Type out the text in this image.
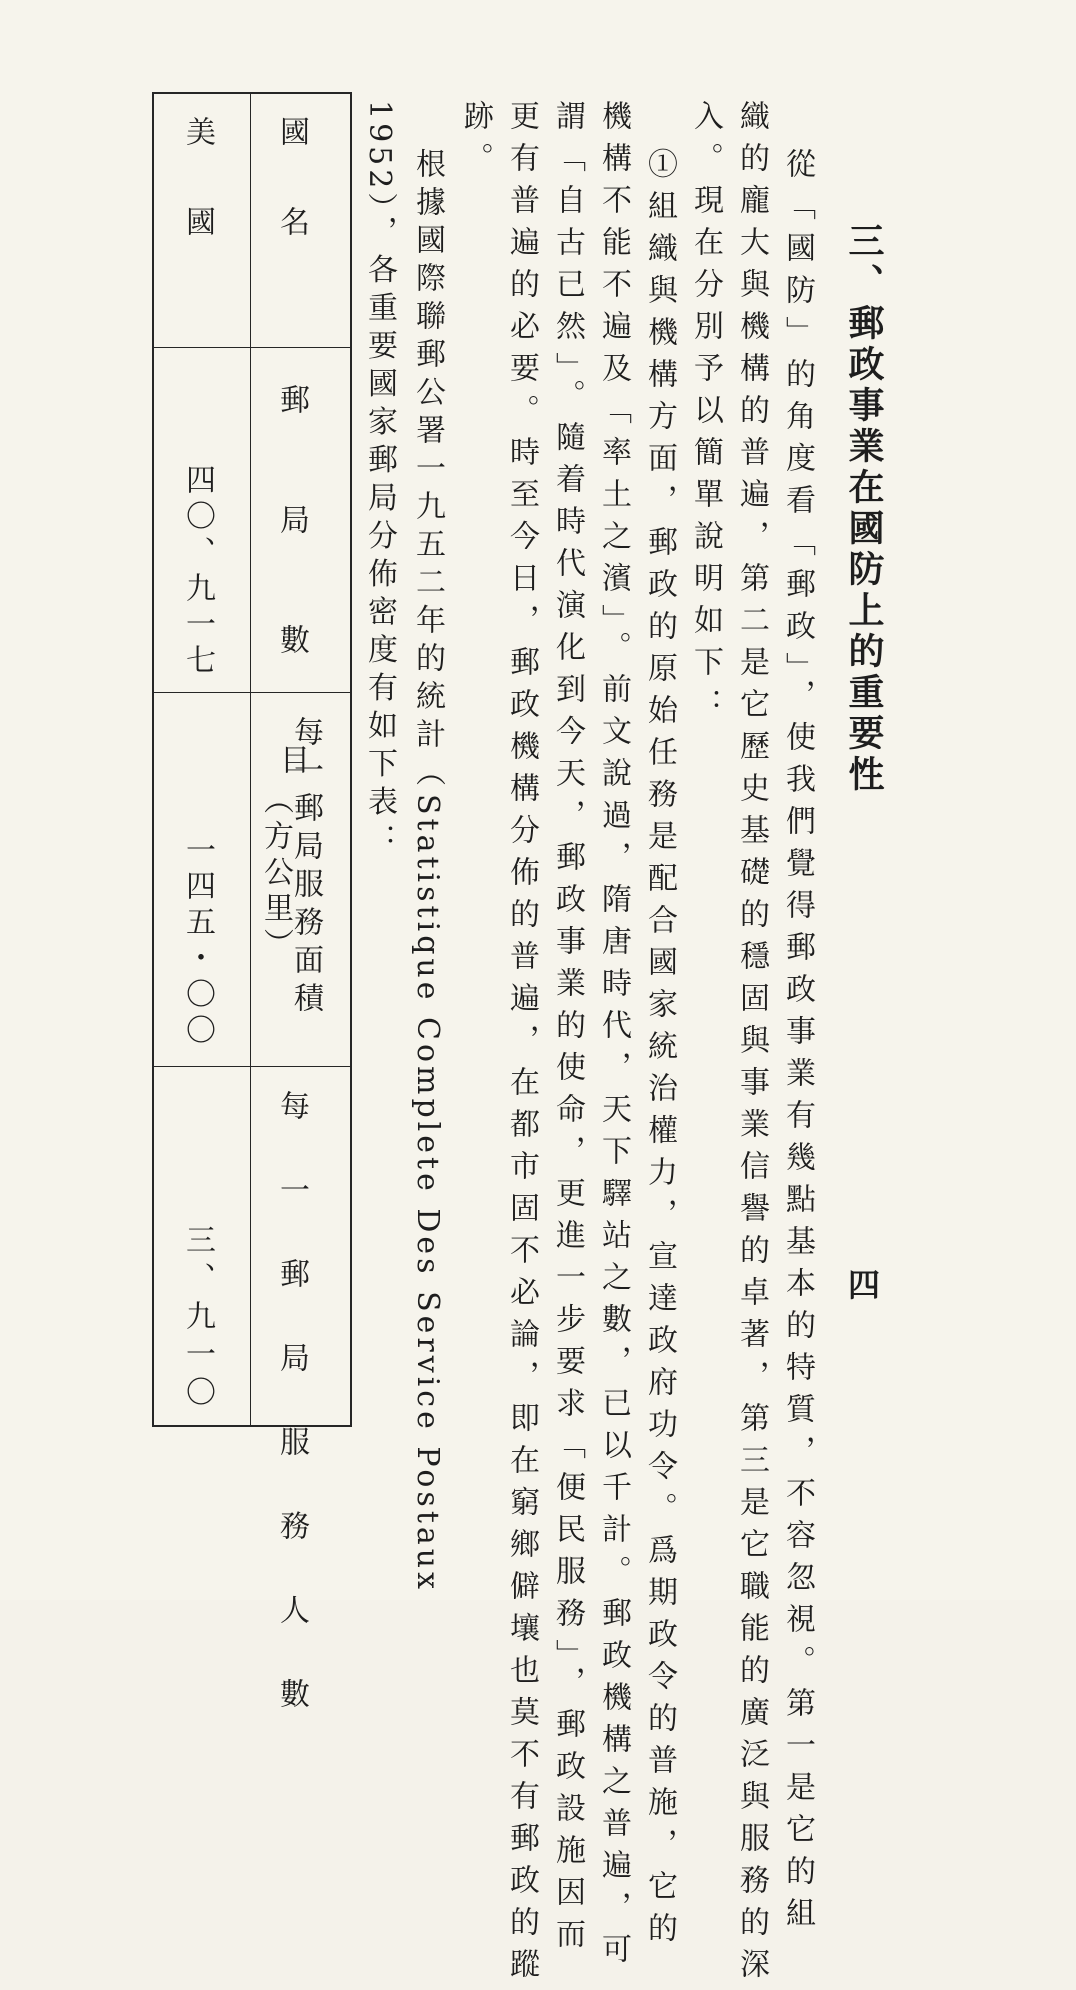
三、郵政事業在國防上的重要性
四
從「國防」的角度看「郵政」，使我們覺得郵政事業有幾點基本的特質，不容忽視。第一是它的組
織的龐大與機構的普遍，第二是它歷史基礎的穩固與事業信譽的卓著，第三是它職能的廣泛與服務的深
入。現在分別予以簡單說明如下：
①組織與機構方面，郵政的原始任務是配合國家統治權力，宣達政府功令。爲期政令的普施，它的
機構不能不遍及「率土之濱」。前文說過，隋唐時代，天下驛站之數，已以千計。郵政機構之普遍，可
謂「自古已然」。隨着時代演化到今天，郵政事業的使命，更進一步要求「便民服務」，郵政設施因而
更有普遍的必要。時至今日，郵政機構分佈的普遍，在都市固不必論，即在窮鄉僻壤也莫不有郵政的蹤
跡。
根據國際聯郵公署一九五二年的統計（Statistique Complete Des Service Postaux
1952），各重要國家郵局分佈密度有如下表：
國　　名
郵　局　數　目
每一郵局服務面積
（方公里）
每　一　郵　局　服　務　人　數
美　　國
四〇、九一七
一四五・〇〇
三、九一〇
